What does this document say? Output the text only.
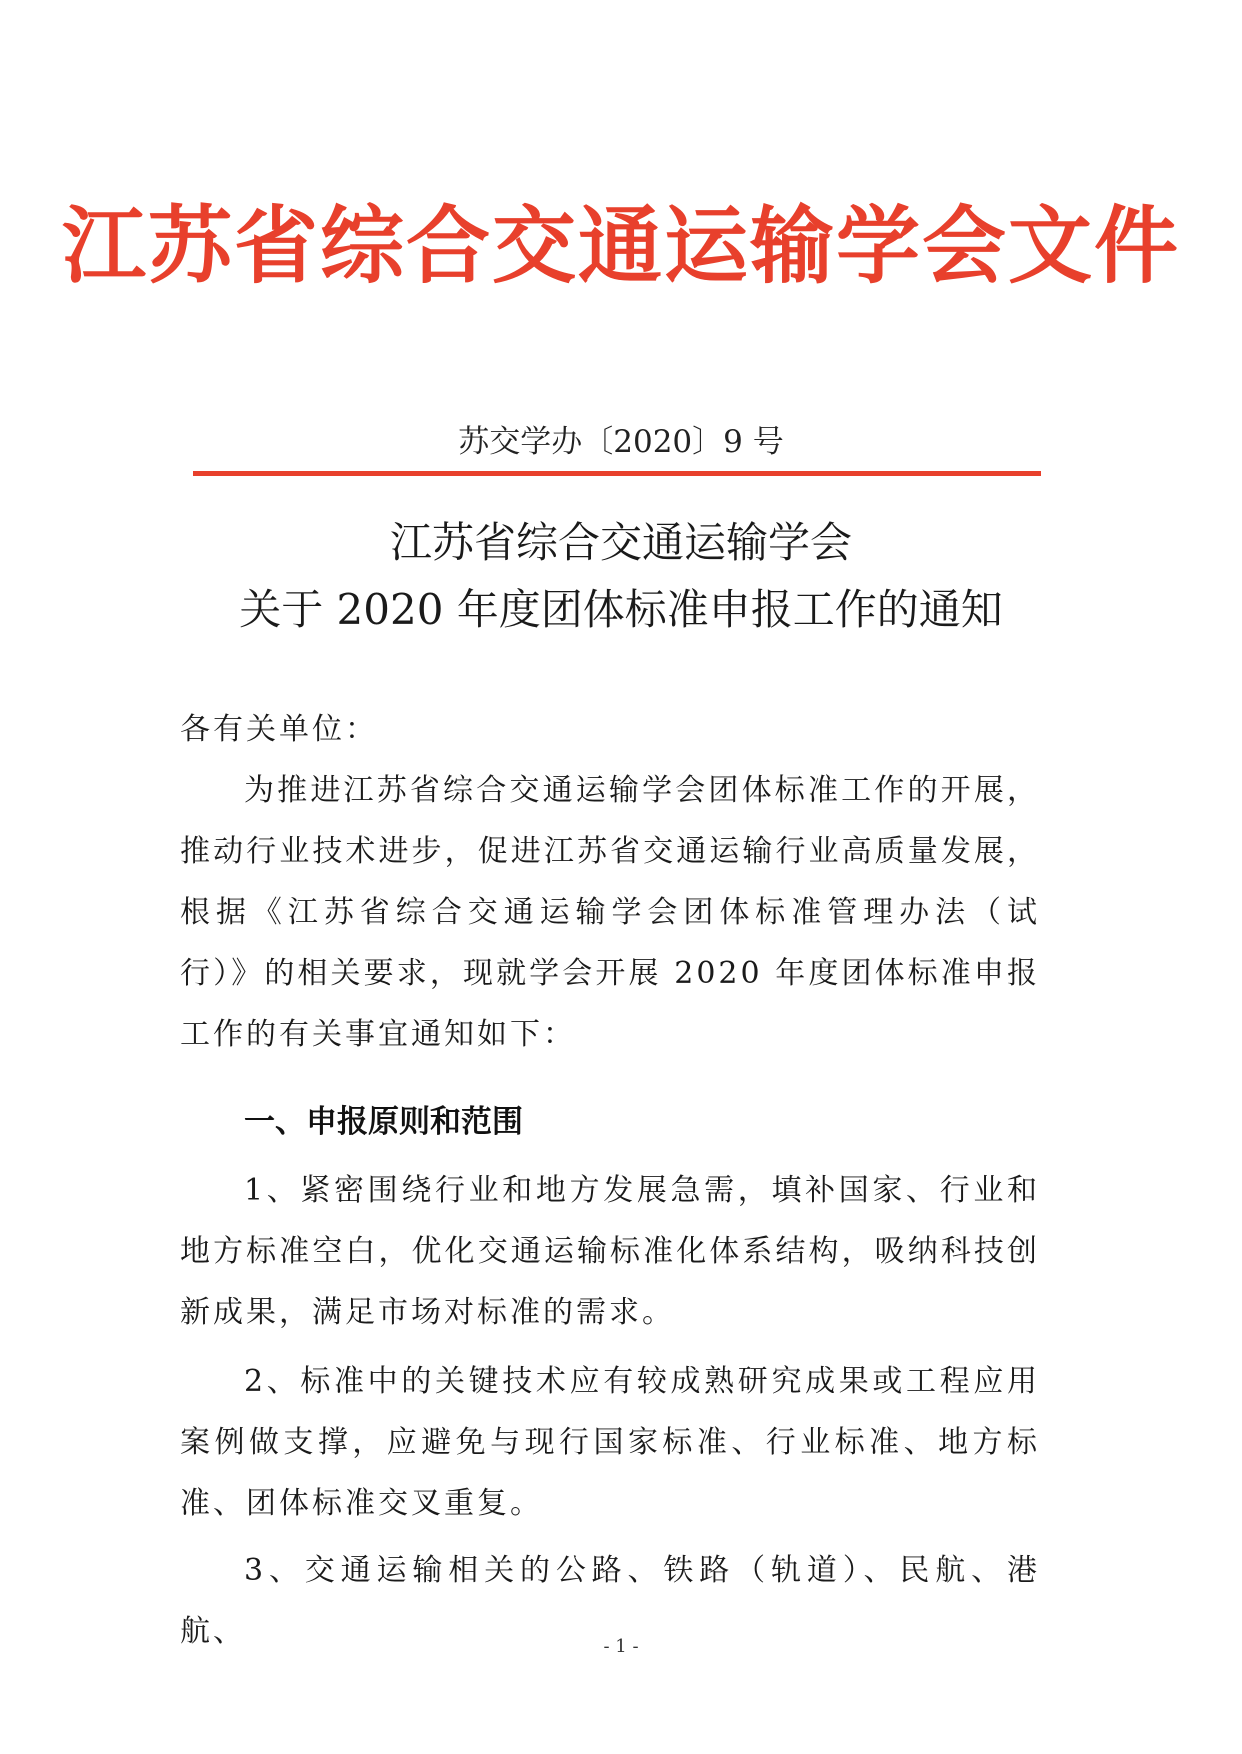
江苏省综合交通运输学会文件
苏交学办〔2020〕9 号
江苏省综合交通运输学会
关于 2020 年度团体标准申报工作的通知

各有关单位：

为推进江苏省综合交通运输学会团体标准工作的开展，推动行业技术进步，促进江苏省交通运输行业高质量发展，根据《江苏省综合交通运输学会团体标准管理办法（试行）》的相关要求，现就学会开展 2020 年度团体标准申报工作的有关事宜通知如下：

一、申报原则和范围

1、紧密围绕行业和地方发展急需，填补国家、行业和地方标准空白，优化交通运输标准化体系结构，吸纳科技创新成果，满足市场对标准的需求。

2、标准中的关键技术应有较成熟研究成果或工程应用案例做支撑，应避免与现行国家标准、行业标准、地方标准、团体标准交叉重复。

3、交通运输相关的公路、铁路（轨道）、民航、港航、	- 1 -
